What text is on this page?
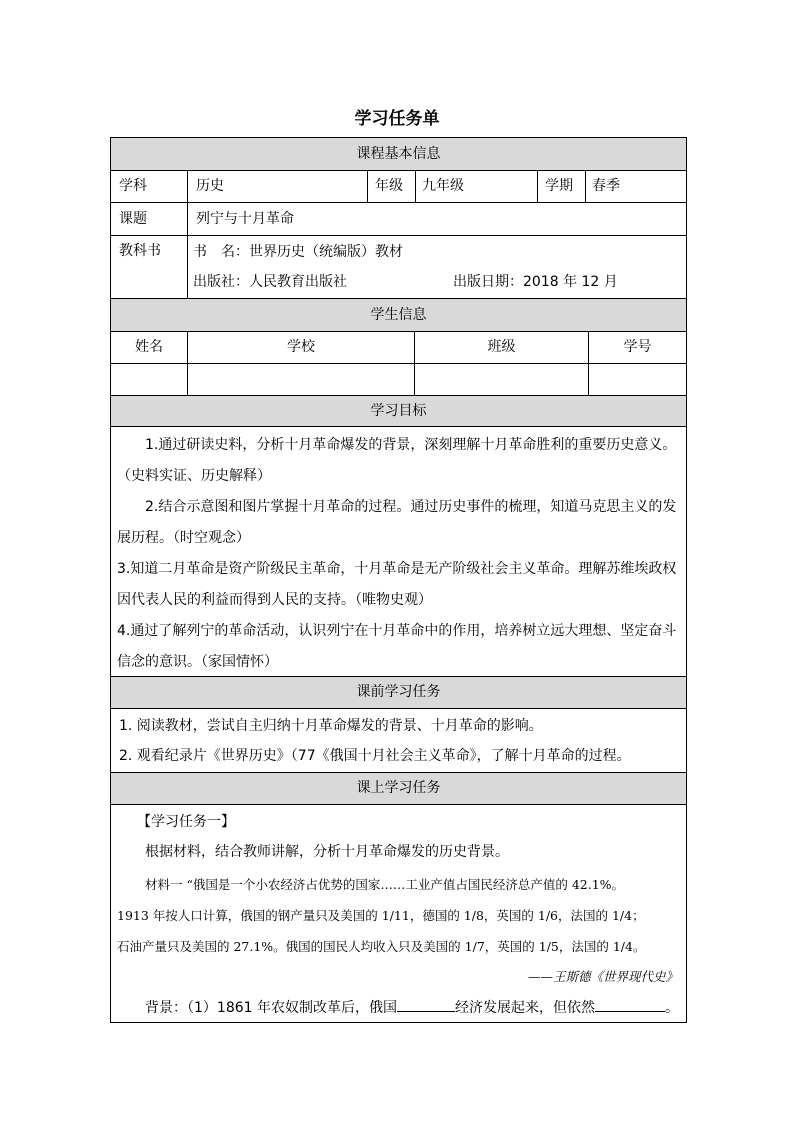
学习任务单
课程基本信息
学科	历史	年级	九年级	学期	春季
课题	列宁与十月革命
教科书	书　名：世界历史（统编版）教材
出版社：人民教育出版社	出版日期：2018 年 12 月
学生信息
姓名	学校	班级	学号
学习目标
1.通过研读史料，分析十月革命爆发的背景，深刻理解十月革命胜利的重要历史意义。
（史料实证、历史解释）
2.结合示意图和图片掌握十月革命的过程。通过历史事件的梳理，知道马克思主义的发
展历程。（时空观念）
3.知道二月革命是资产阶级民主革命，十月革命是无产阶级社会主义革命。理解苏维埃政权
因代表人民的利益而得到人民的支持。（唯物史观）
4.通过了解列宁的革命活动，认识列宁在十月革命中的作用，培养树立远大理想、坚定奋斗
信念的意识。（家国情怀）
课前学习任务
1. 阅读教材，尝试自主归纳十月革命爆发的背景、十月革命的影响。
2. 观看纪录片《世界历史》（77《俄国十月社会主义革命》，了解十月革命的过程。
课上学习任务
【学习任务一】
根据材料，结合教师讲解，分析十月革命爆发的历史背景。
材料一 “俄国是一个小农经济占优势的国家……工业产值占国民经济总产值的 42.1%。
1913 年按人口计算，俄国的钢产量只及美国的 1/11，德国的 1/8，英国的 1/6，法国的 1/4；
石油产量只及美国的 27.1%。俄国的国民人均收入只及美国的 1/7，英国的 1/5，法国的 1/4。
——王斯德《世界现代史》
背景：（1）1861 年农奴制改革后，俄国	经济发展起来，但依然	。
